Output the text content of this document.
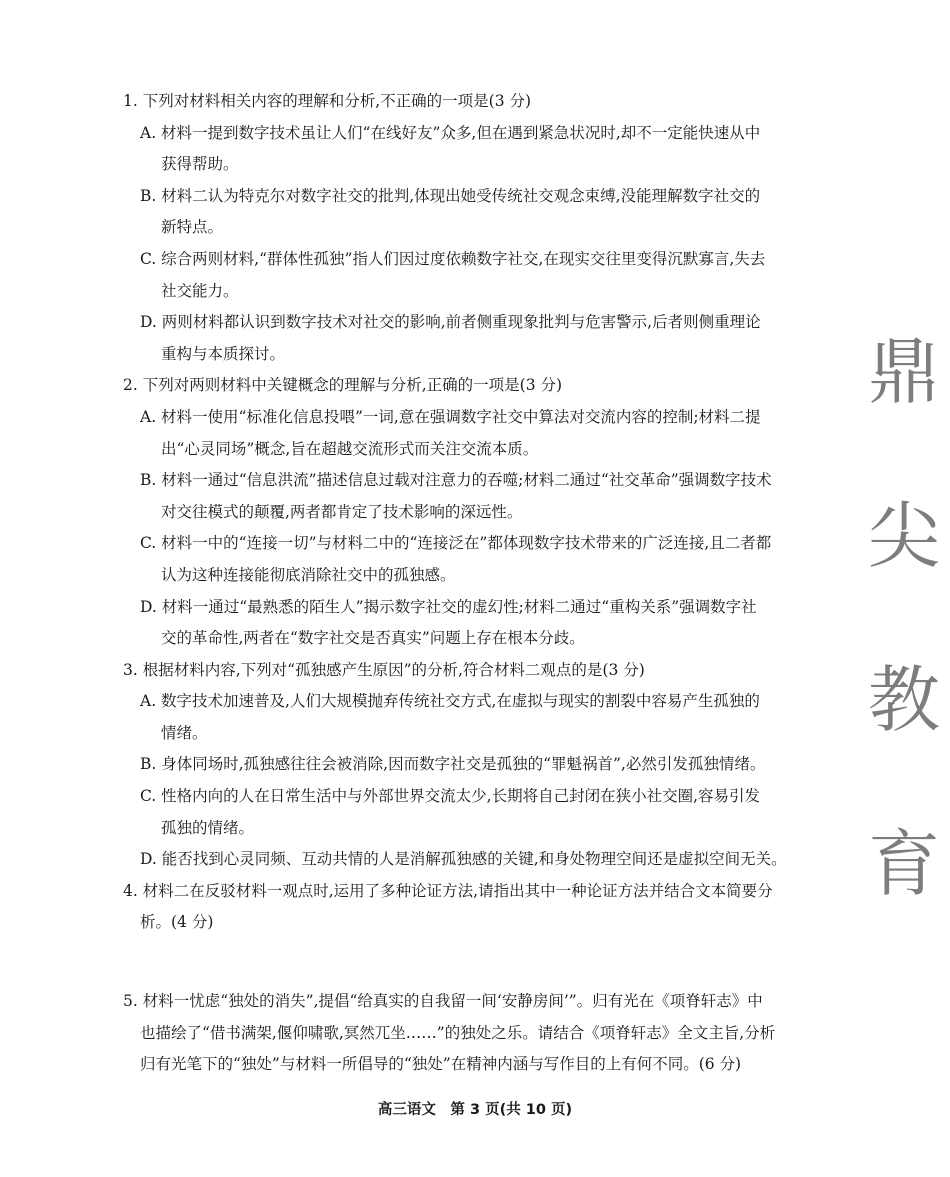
1. 下列对材料相关内容的理解和分析,不正确的一项是(3 分)

A. 材料一提到数字技术虽让人们“在线好友”众多,但在遇到紧急状况时,却不一定能快速从中

获得帮助。

B. 材料二认为特克尔对数字社交的批判,体现出她受传统社交观念束缚,没能理解数字社交的

新特点。

C. 综合两则材料,“群体性孤独”指人们因过度依赖数字社交,在现实交往里变得沉默寡言,失去

社交能力。

D. 两则材料都认识到数字技术对社交的影响,前者侧重现象批判与危害警示,后者则侧重理论

重构与本质探讨。

2. 下列对两则材料中关键概念的理解与分析,正确的一项是(3 分)

A. 材料一使用“标准化信息投喂”一词,意在强调数字社交中算法对交流内容的控制;材料二提

出“心灵同场”概念,旨在超越交流形式而关注交流本质。

B. 材料一通过“信息洪流”描述信息过载对注意力的吞噬;材料二通过“社交革命”强调数字技术

对交往模式的颠覆,两者都肯定了技术影响的深远性。

C. 材料一中的“连接一切”与材料二中的“连接泛在”都体现数字技术带来的广泛连接,且二者都

认为这种连接能彻底消除社交中的孤独感。

D. 材料一通过“最熟悉的陌生人”揭示数字社交的虚幻性;材料二通过“重构关系”强调数字社

交的革命性,两者在“数字社交是否真实”问题上存在根本分歧。

3. 根据材料内容,下列对“孤独感产生原因”的分析,符合材料二观点的是(3 分)

A. 数字技术加速普及,人们大规模抛弃传统社交方式,在虚拟与现实的割裂中容易产生孤独的

情绪。

B. 身体同场时,孤独感往往会被消除,因而数字社交是孤独的“罪魁祸首”,必然引发孤独情绪。

C. 性格内向的人在日常生活中与外部世界交流太少,长期将自己封闭在狭小社交圈,容易引发

孤独的情绪。

D. 能否找到心灵同频、互动共情的人是消解孤独感的关键,和身处物理空间还是虚拟空间无关。

4. 材料二在反驳材料一观点时,运用了多种论证方法,请指出其中一种论证方法并结合文本简要分

析。(4 分)

5. 材料一忧虑“独处的消失”,提倡“给真实的自我留一间‘安静房间’”。归有光在《项脊轩志》中

也描绘了“借书满架,偃仰啸歌,冥然兀坐……”的独处之乐。请结合《项脊轩志》全文主旨,分析

归有光笔下的“独处”与材料一所倡导的“独处”在精神内涵与写作目的上有何不同。(6 分)

鼎
尖
教
育
高三语文　第 3 页(共 10 页)
